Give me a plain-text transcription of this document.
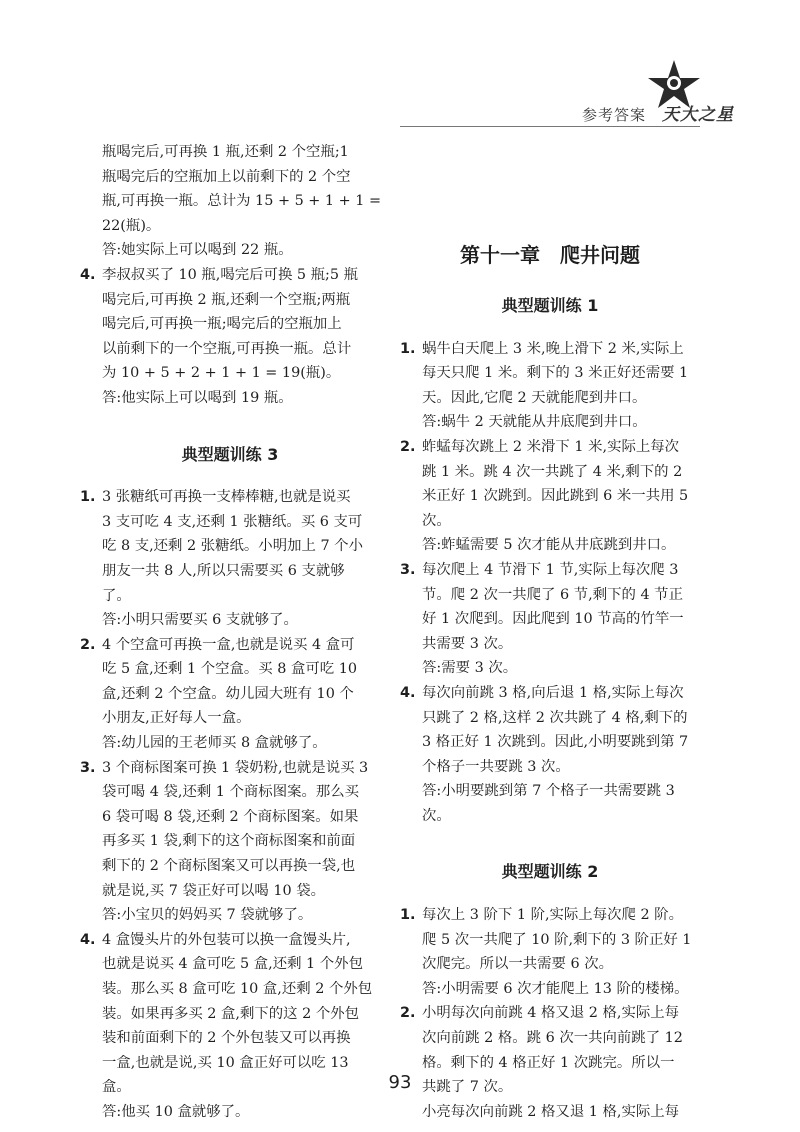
参考答案 天大之星
瓶喝完后,可再换 1 瓶,还剩 2 个空瓶;1
瓶喝完后的空瓶加上以前剩下的 2 个空
瓶,可再换一瓶。总计为 15 + 5 + 1 + 1 =
22(瓶)。
答:她实际上可以喝到 22 瓶。
4. 李叔叔买了 10 瓶,喝完后可换 5 瓶;5 瓶
喝完后,可再换 2 瓶,还剩一个空瓶;两瓶
喝完后,可再换一瓶;喝完后的空瓶加上
以前剩下的一个空瓶,可再换一瓶。总计
为 10 + 5 + 2 + 1 + 1 = 19(瓶)。
答:他实际上可以喝到 19 瓶。
典型题训练 3
1. 3 张糖纸可再换一支棒棒糖,也就是说买
3 支可吃 4 支,还剩 1 张糖纸。买 6 支可
吃 8 支,还剩 2 张糖纸。小明加上 7 个小
朋友一共 8 人,所以只需要买 6 支就够
了。
答:小明只需要买 6 支就够了。
2. 4 个空盒可再换一盒,也就是说买 4 盒可
吃 5 盒,还剩 1 个空盒。买 8 盒可吃 10
盒,还剩 2 个空盒。幼儿园大班有 10 个
小朋友,正好每人一盒。
答:幼儿园的王老师买 8 盒就够了。
3. 3 个商标图案可换 1 袋奶粉,也就是说买 3
袋可喝 4 袋,还剩 1 个商标图案。那么买
6 袋可喝 8 袋,还剩 2 个商标图案。如果
再多买 1 袋,剩下的这个商标图案和前面
剩下的 2 个商标图案又可以再换一袋,也
就是说,买 7 袋正好可以喝 10 袋。
答:小宝贝的妈妈买 7 袋就够了。
4. 4 盒馒头片的外包装可以换一盒馒头片,
也就是说买 4 盒可吃 5 盒,还剩 1 个外包
装。那么买 8 盒可吃 10 盒,还剩 2 个外包
装。如果再多买 2 盒,剩下的这 2 个外包
装和前面剩下的 2 个外包装又可以再换
一盒,也就是说,买 10 盒正好可以吃 13
盒。
答:他买 10 盒就够了。
第十一章　爬井问题
典型题训练 1
1. 蜗牛白天爬上 3 米,晚上滑下 2 米,实际上
每天只爬 1 米。剩下的 3 米正好还需要 1
天。因此,它爬 2 天就能爬到井口。
答:蜗牛 2 天就能从井底爬到井口。
2. 蚱蜢每次跳上 2 米滑下 1 米,实际上每次
跳 1 米。跳 4 次一共跳了 4 米,剩下的 2
米正好 1 次跳到。因此跳到 6 米一共用 5
次。
答:蚱蜢需要 5 次才能从井底跳到井口。
3. 每次爬上 4 节滑下 1 节,实际上每次爬 3
节。爬 2 次一共爬了 6 节,剩下的 4 节正
好 1 次爬到。因此爬到 10 节高的竹竿一
共需要 3 次。
答:需要 3 次。
4. 每次向前跳 3 格,向后退 1 格,实际上每次
只跳了 2 格,这样 2 次共跳了 4 格,剩下的
3 格正好 1 次跳到。因此,小明要跳到第 7
个格子一共要跳 3 次。
答:小明要跳到第 7 个格子一共需要跳 3
次。
典型题训练 2
1. 每次上 3 阶下 1 阶,实际上每次爬 2 阶。
爬 5 次一共爬了 10 阶,剩下的 3 阶正好 1
次爬完。所以一共需要 6 次。
答:小明需要 6 次才能爬上 13 阶的楼梯。
2. 小明每次向前跳 4 格又退 2 格,实际上每
次向前跳 2 格。跳 6 次一共向前跳了 12
格。剩下的 4 格正好 1 次跳完。所以一
共跳了 7 次。
小亮每次向前跳 2 格又退 1 格,实际上每
93
